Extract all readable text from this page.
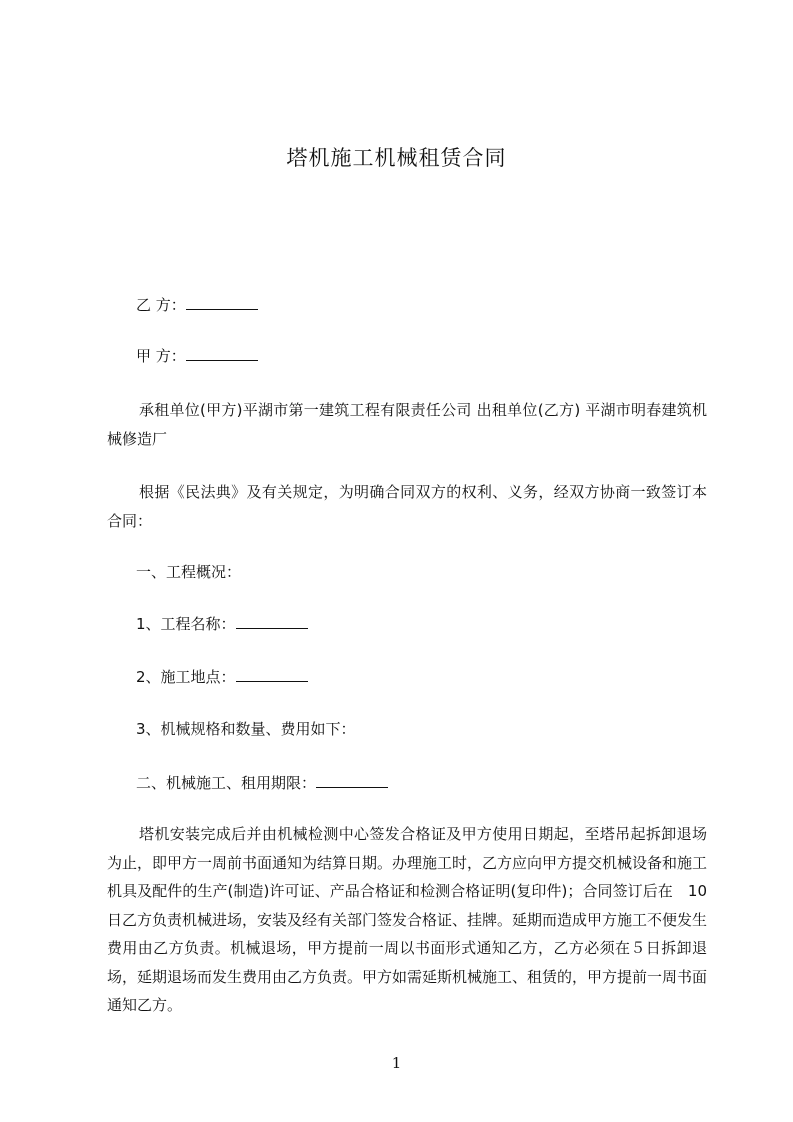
塔机施工机械租赁合同
乙 方：
甲 方：
承租单位(甲方)平湖市第一建筑工程有限责任公司 出租单位(乙方) 平湖市明春建筑机械修造厂
根据《民法典》及有关规定，为明确合同双方的权利、义务，经双方协商一致签订本合同：
一、工程概况：
1、工程名称：
2、施工地点：
3、机械规格和数量、费用如下：
二、机械施工、租用期限：
塔机安装完成后并由机械检测中心签发合格证及甲方使用日期起，至塔吊起拆卸退场为止，即甲方一周前书面通知为结算日期。办理施工时，乙方应向甲方提交机械设备和施工机具及配件的生产(制造)许可证、产品合格证和检测合格证明(复印件)；合同签订后在　10　日乙方负责机械进场，安装及经有关部门签发合格证、挂牌。延期而造成甲方施工不便发生费用由乙方负责。机械退场，甲方提前一周以书面形式通知乙方，乙方必须在５日拆卸退场，延期退场而发生费用由乙方负责。甲方如需延斯机械施工、租赁的，甲方提前一周书面通知乙方。
1
